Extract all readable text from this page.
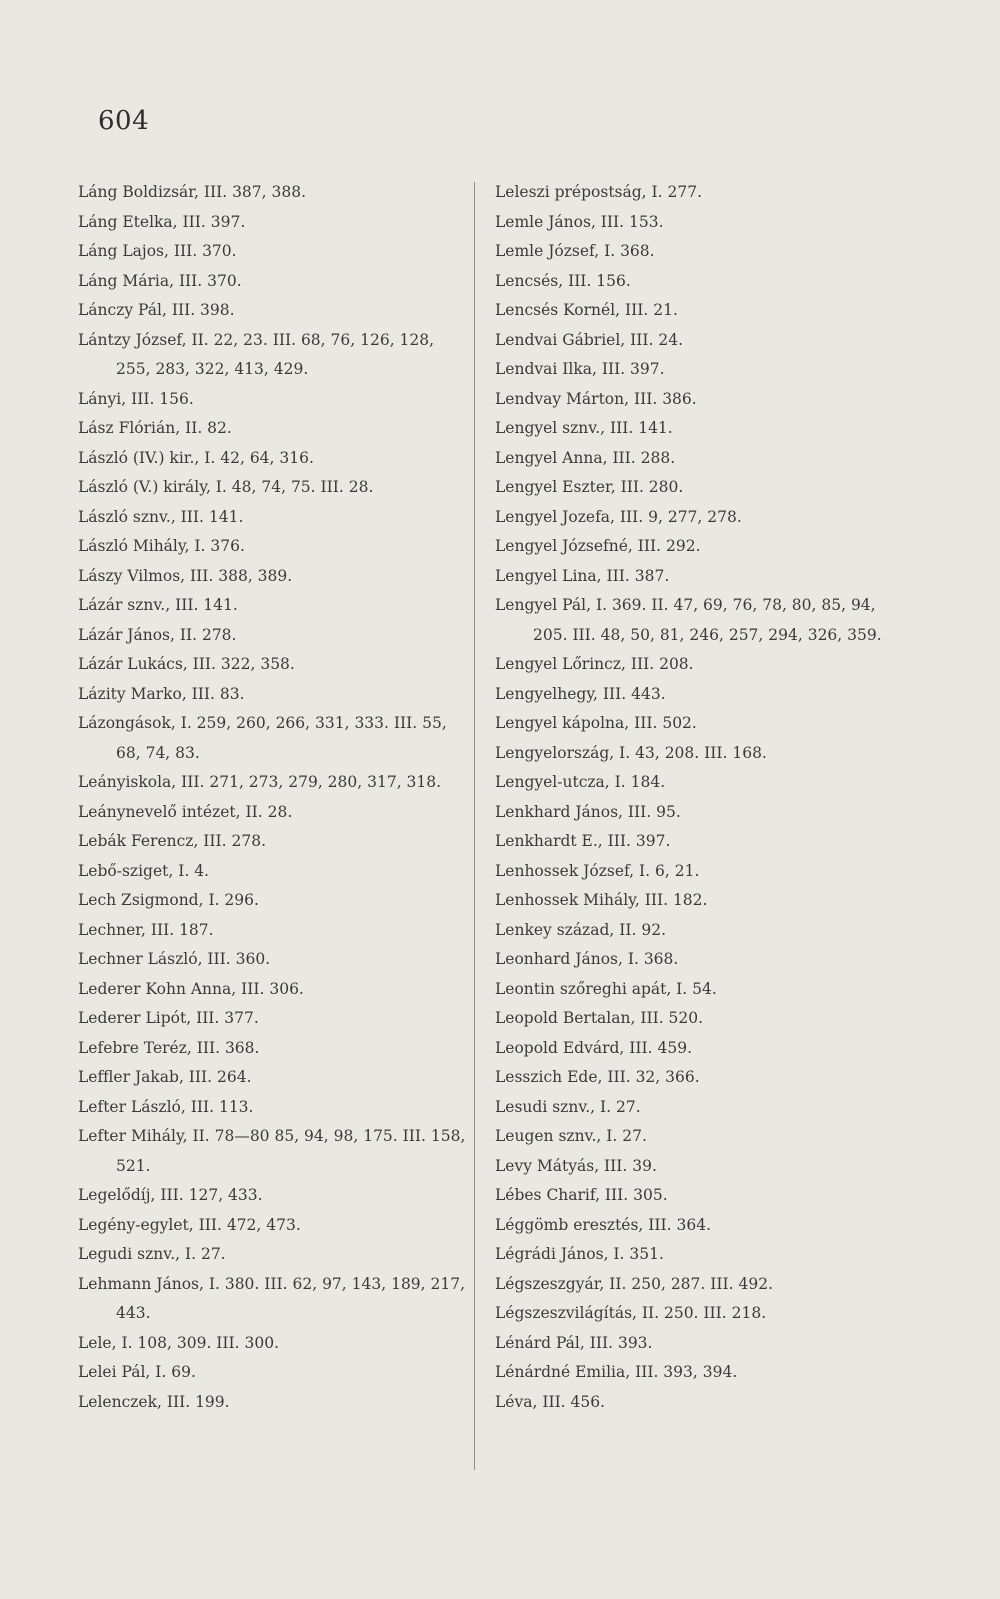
604
Láng Boldizsár, III. 387, 388.
Láng Etelka, III. 397.
Láng Lajos, III. 370.
Láng Mária, III. 370.
Lánczy Pál, III. 398.
Lántzy József, II. 22, 23. III. 68, 76, 126, 128, 255, 283, 322, 413, 429.
Lányi, III. 156.
Lász Flórián, II. 82.
László (IV.) kir., I. 42, 64, 316.
László (V.) király, I. 48, 74, 75. III. 28.
László sznv., III. 141.
László Mihály, I. 376.
Lászy Vilmos, III. 388, 389.
Lázár sznv., III. 141.
Lázár János, II. 278.
Lázár Lukács, III. 322, 358.
Lázity Marko, III. 83.
Lázongások, I. 259, 260, 266, 331, 333. III. 55, 68, 74, 83.
Leányiskola, III. 271, 273, 279, 280, 317, 318.
Leánynevelő intézet, II. 28.
Lebák Ferencz, III. 278.
Lebő-sziget, I. 4.
Lech Zsigmond, I. 296.
Lechner, III. 187.
Lechner László, III. 360.
Lederer Kohn Anna, III. 306.
Lederer Lipót, III. 377.
Lefebre Teréz, III. 368.
Leffler Jakab, III. 264.
Lefter László, III. 113.
Lefter Mihály, II. 78—80 85, 94, 98, 175. III. 158, 521.
Legelődíj, III. 127, 433.
Legény-egylet, III. 472, 473.
Legudi sznv., I. 27.
Lehmann János, I. 380. III. 62, 97, 143, 189, 217, 443.
Lele, I. 108, 309. III. 300.
Lelei Pál, I. 69.
Lelenczek, III. 199.
Leleszi prépostság, I. 277.
Lemle János, III. 153.
Lemle József, I. 368.
Lencsés, III. 156.
Lencsés Kornél, III. 21.
Lendvai Gábriel, III. 24.
Lendvai Ilka, III. 397.
Lendvay Márton, III. 386.
Lengyel sznv., III. 141.
Lengyel Anna, III. 288.
Lengyel Eszter, III. 280.
Lengyel Jozefa, III. 9, 277, 278.
Lengyel Józsefné, III. 292.
Lengyel Lina, III. 387.
Lengyel Pál, I. 369. II. 47, 69, 76, 78, 80, 85, 94, 205. III. 48, 50, 81, 246, 257, 294, 326, 359.
Lengyel Lőrincz, III. 208.
Lengyelhegy, III. 443.
Lengyel kápolna, III. 502.
Lengyelország, I. 43, 208. III. 168.
Lengyel-utcza, I. 184.
Lenkhard János, III. 95.
Lenkhardt E., III. 397.
Lenhossek József, I. 6, 21.
Lenhossek Mihály, III. 182.
Lenkey század, II. 92.
Leonhard János, I. 368.
Leontin szőreghi apát, I. 54.
Leopold Bertalan, III. 520.
Leopold Edvárd, III. 459.
Lesszich Ede, III. 32, 366.
Lesudi sznv., I. 27.
Leugen sznv., I. 27.
Levy Mátyás, III. 39.
Lébes Charif, III. 305.
Léggömb eresztés, III. 364.
Légrádi János, I. 351.
Légszeszgyár, II. 250, 287. III. 492.
Légszeszvilágítás, II. 250. III. 218.
Lénárd Pál, III. 393.
Lénárdné Emilia, III. 393, 394.
Léva, III. 456.
